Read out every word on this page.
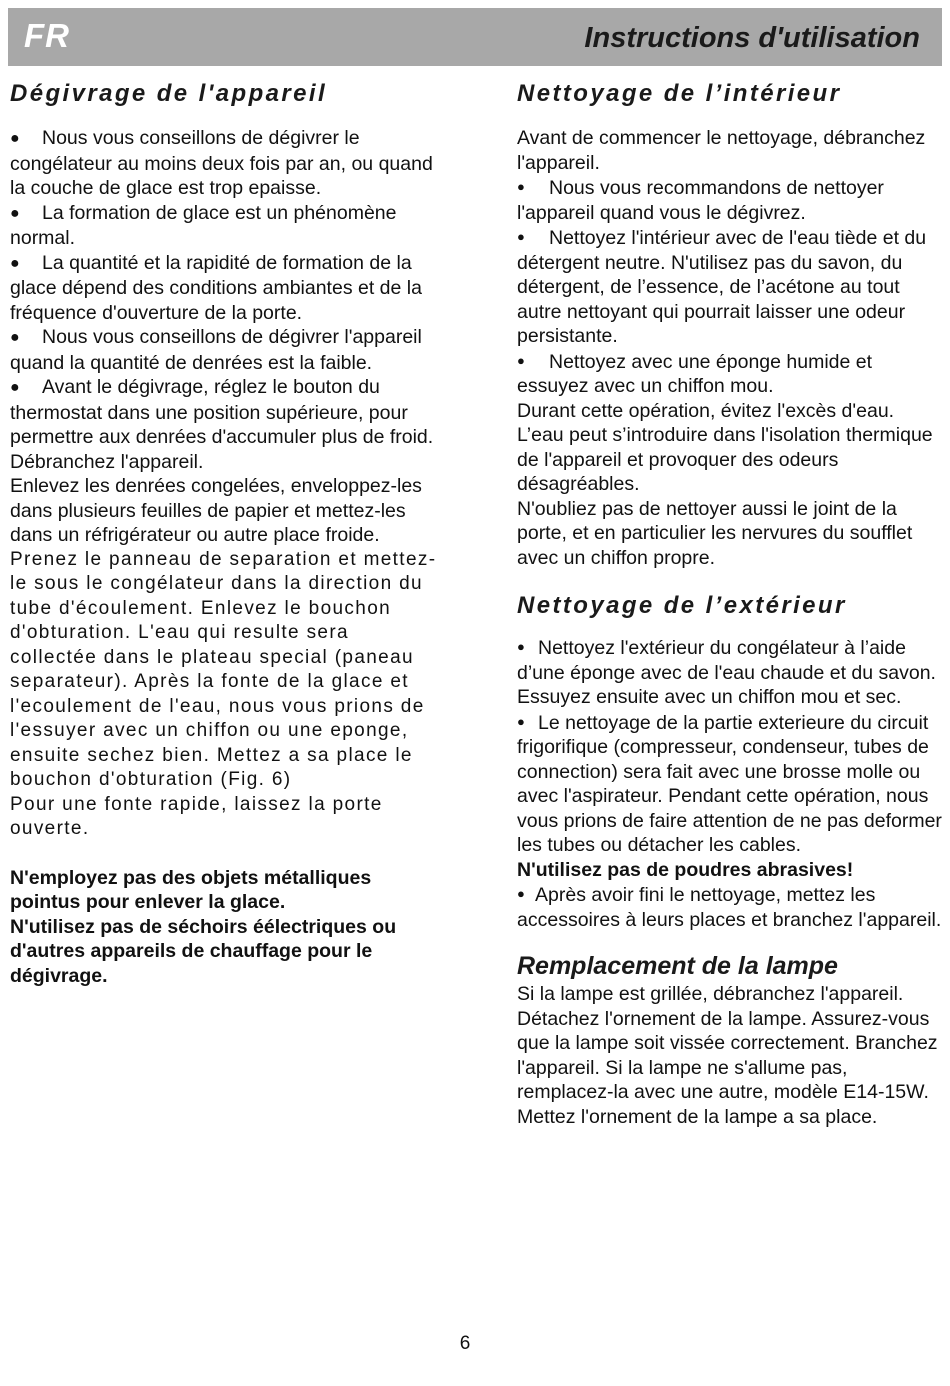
FR	Instructions d'utilisation
Dégivrage de l'appareil

● Nous vous conseillons de dégivrer le congélateur au moins deux fois par an, ou quand la couche de glace est trop epaisse.

● La formation de glace est un phénomène normal.

● La quantité et la rapidité de formation de la glace dépend des conditions ambiantes et de la fréquence d'ouverture de la porte.

● Nous vous conseillons de dégivrer l'appareil quand la quantité de denrées est la faible.

● Avant le dégivrage, réglez le bouton du thermostat dans une position supérieure, pour permettre aux denrées d'accumuler plus de froid.

Débranchez l'appareil.

Enlevez les denrées congelées, enveloppez-les dans plusieurs feuilles de papier et mettez-les dans un réfrigérateur ou autre place froide.

Prenez le panneau de separation et mettez-le sous le congélateur dans la direction du tube d'écoulement. Enlevez le bouchon d'obturation. L'eau qui resulte sera collectée dans le plateau special (paneau separateur). Après la fonte de la glace et l'ecoulement de l'eau, nous vous prions de l'essuyer avec un chiffon ou une eponge, ensuite sechez bien. Mettez a sa place le bouchon d'obturation (Fig. 6)

Pour une fonte rapide, laissez la porte ouverte.

N'employez pas des objets métalliques pointus pour enlever la glace.

N'utilisez pas de séchoirs éélectriques ou d'autres appareils de chauffage pour le dégivrage.

Nettoyage de l’intérieur

Avant de commencer le nettoyage, débranchez l'appareil.

● Nous vous recommandons de nettoyer l'appareil quand vous le dégivrez.

● Nettoyez l'intérieur avec de l'eau tiède et du détergent neutre. N'utilisez pas du savon, du détergent, de l’essence, de l’acétone au tout autre nettoyant qui pourrait laisser une odeur persistante.

● Nettoyez avec une éponge humide et essuyez avec un chiffon mou.

Durant cette opération, évitez l'excès d'eau. L’eau peut s’introduire dans l'isolation thermique de l'appareil et provoquer des odeurs désagréables.

N'oubliez pas de nettoyer aussi le joint de la porte, et en particulier les nervures du soufflet avec un chiffon propre.

Nettoyage de l’extérieur

● Nettoyez l'extérieur du congélateur à l’aide d’une éponge avec de l'eau chaude et du savon. Essuyez ensuite avec un chiffon mou et sec.

● Le nettoyage de la partie exterieure du circuit frigorifique (compresseur, condenseur, tubes de connection) sera fait avec une brosse molle ou avec l'aspirateur. Pendant cette opération, nous vous prions de faire attention de ne pas deformer les tubes ou détacher les cables.

N'utilisez pas de poudres abrasives!

● Après avoir fini le nettoyage, mettez les accessoires à leurs places et branchez l'appareil.

Remplacement de la lampe

Si la lampe est grillée, débranchez l'appareil. Détachez l'ornement de la lampe. Assurez-vous que la lampe soit vissée correctement. Branchez l'appareil. Si la lampe ne s'allume pas, remplacez-la avec une autre, modèle E14-15W. Mettez l'ornement de la lampe a sa place.

6
